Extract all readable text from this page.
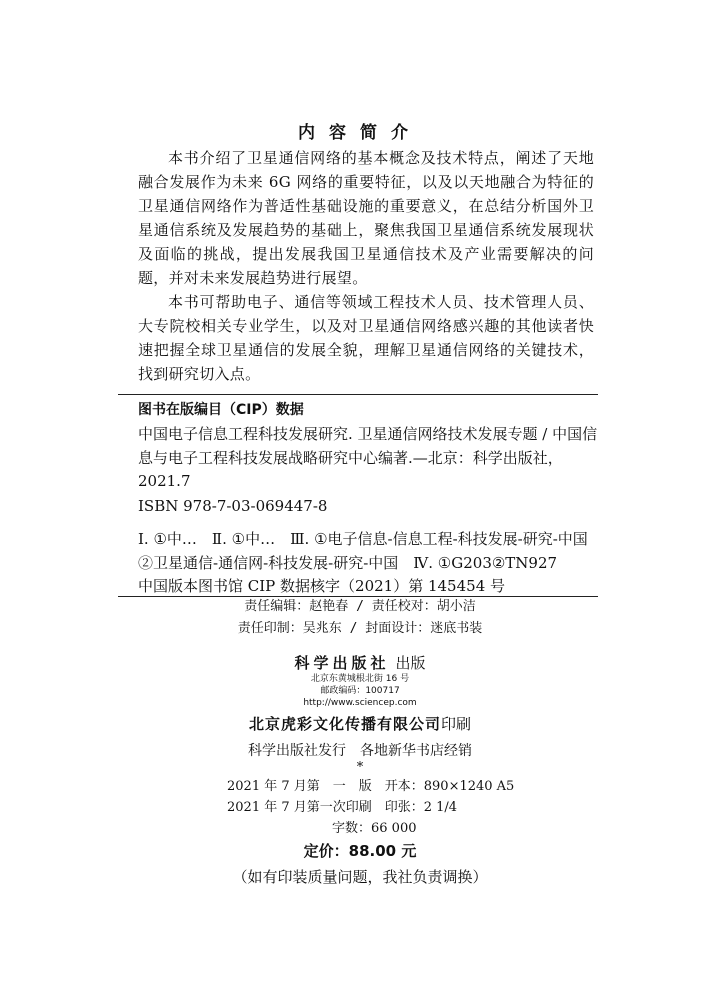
内容简介

本书介绍了卫星通信网络的基本概念及技术特点，阐述了天地融合发展作为未来 6G 网络的重要特征，以及以天地融合为特征的卫星通信网络作为普适性基础设施的重要意义，在总结分析国外卫星通信系统及发展趋势的基础上，聚焦我国卫星通信系统发展现状及面临的挑战，提出发展我国卫星通信技术及产业需要解决的问题，并对未来发展趋势进行展望。

本书可帮助电子、通信等领域工程技术人员、技术管理人员、大专院校相关专业学生，以及对卫星通信网络感兴趣的其他读者快速把握全球卫星通信的发展全貌，理解卫星通信网络的关键技术，找到研究切入点。

图书在版编目（CIP）数据

中国电子信息工程科技发展研究. 卫星通信网络技术发展专题 / 中国信息与电子工程科技发展战略研究中心编著.—北京：科学出版社，2021.7

ISBN 978-7-03-069447-8

Ⅰ. ①中…　Ⅱ. ①中…　Ⅲ. ①电子信息-信息工程-科技发展-研究-中国②卫星通信-通信网-科技发展-研究-中国　Ⅳ. ①G203②TN927

中国版本图书馆 CIP 数据核字（2021）第 145454 号

责任编辑：赵艳春 / 责任校对：胡小洁
责任印制：吴兆东 / 封面设计：迷底书装
科学出版社 出版
北京东黄城根北街 16 号
邮政编码：100717
http://www.sciencep.com
北京虎彩文化传播有限公司印刷
科学出版社发行　各地新华书店经销
*
2021 年 7 月第　一　版　开本：890×1240 A5
2021 年 7 月第一次印刷　印张：2 1/4
字数：66 000
定价：88.00 元
（如有印装质量问题，我社负责调换）
